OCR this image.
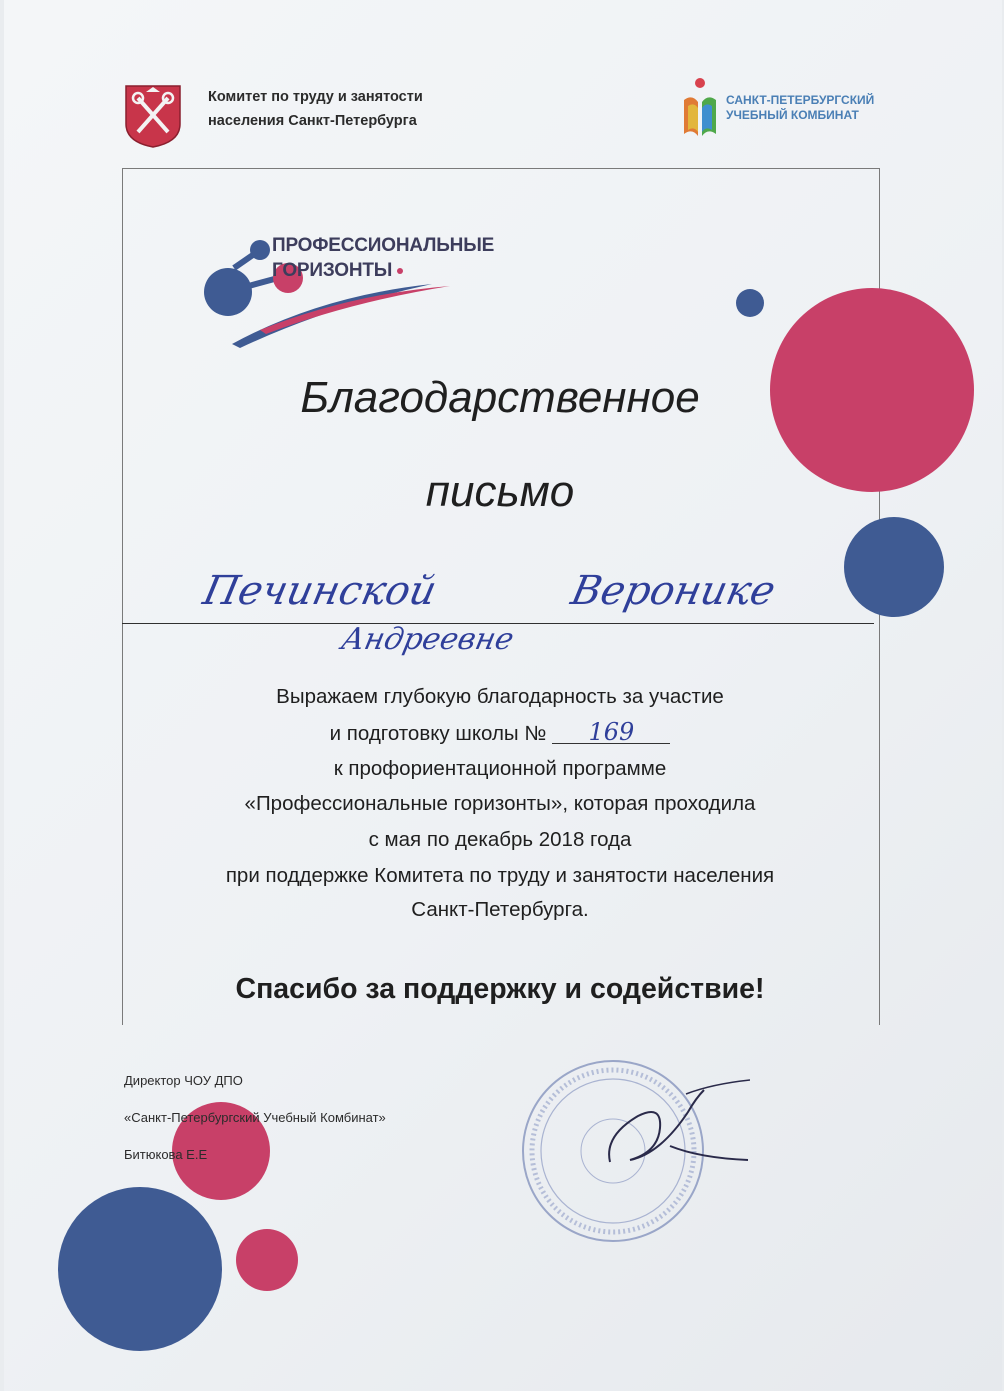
Комитет по труду и занятости
населения Санкт-Петербурга
САНКТ-ПЕТЕРБУРГСКИЙ
УЧЕБНЫЙ КОМБИНАТ
ПРОФЕССИОНАЛЬНЫЕ
ГОРИЗОНТЫ
Благодарственное
письмо
Печинской	Веронике
Андреевне
Выражаем глубокую благодарность за участие
и подготовку школы № 169
к профориентационной программе
«Профессиональные горизонты», которая проходила
с мая по декабрь 2018 года
при поддержке Комитета по труду и занятости населения
Санкт-Петербурга.
Спасибо за поддержку и содействие!
Директор ЧОУ ДПО
«Санкт-Петербургский Учебный Комбинат»
Битюкова Е.Е
